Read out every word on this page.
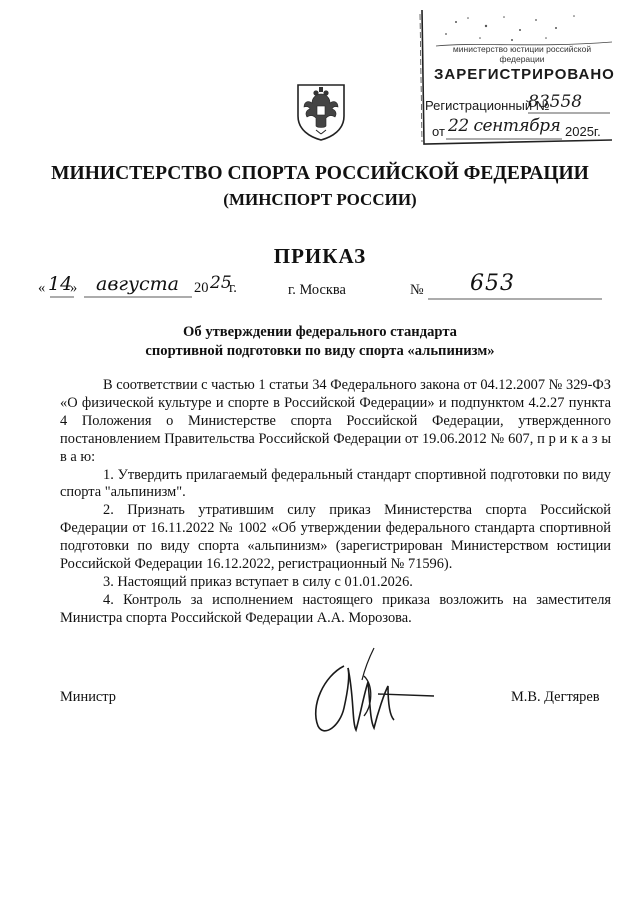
министерство юстиции российской федерации
ЗАРЕГИСТРИРОВАНО
Регистрационный №
83558
от 22 сентября 2025г.
МИНИСТЕРСТВО СПОРТА РОССИЙСКОЙ ФЕДЕРАЦИИ
(МИНСПОРТ РОССИИ)
ПРИКАЗ
« 14
» августа 20 25
г.	г. Москва	№ 653
Об утверждении федерального стандарта
спортивной подготовки по виду спорта «альпинизм»

В соответствии с частью 1 статьи 34 Федерального закона от 04.12.2007 № 329-ФЗ «О физической культуре и спорте в Российской Федерации» и подпунктом 4.2.27 пункта 4 Положения о Министерстве спорта Российской Федерации, утвержденного постановлением Правительства Российской Федерации от 19.06.2012 № 607, п р и к а з ы в а ю:

1. Утвердить прилагаемый федеральный стандарт спортивной подготовки по виду спорта "альпинизм".

2. Признать утратившим силу приказ Министерства спорта Российской Федерации от 16.11.2022 № 1002 «Об утверждении федерального стандарта спортивной подготовки по виду спорта «альпинизм» (зарегистрирован Министерством юстиции Российской Федерации 16.12.2022, регистрационный № 71596).

3. Настоящий приказ вступает в силу с 01.01.2026.

4. Контроль за исполнением настоящего приказа возложить на заместителя Министра спорта Российской Федерации А.А. Морозова.

Министр	М.В. Дегтярев
